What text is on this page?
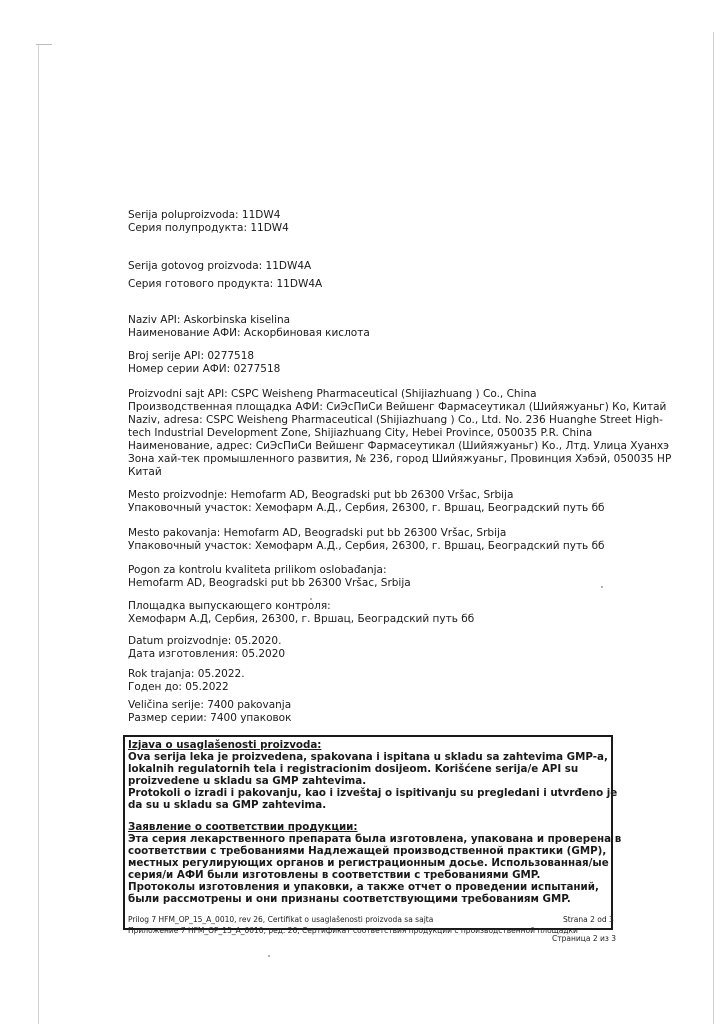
Serija poluproizvoda: 11DW4
Серия полупродукта: 11DW4
Serija gotovog proizvoda: 11DW4A
Серия готового продукта: 11DW4A
Naziv API: Askorbinska kiselina
Наименование АФИ: Аскорбиновая кислота
Broj serije API: 0277518
Номер серии АФИ: 0277518
Proizvodni sajt API: CSPC Weisheng Pharmaceutical (Shijiazhuang ) Co., China
Производственная площадка АФИ: СиЭсПиСи Вейшенг Фармасеутикал (Шийяжуаньг) Ко, Китай
Naziv, adresa: CSPC Weisheng Pharmaceutical (Shijiazhuang ) Co., Ltd. No. 236 Huanghe Street High-
tech Industrial Development Zone, Shijiazhuang City, Hebei Province, 050035 P.R. China
Наименование, адрес: СиЭсПиСи Вейшенг Фармасеутикал (Шийяжуаньг) Ко., Лтд. Улица Хуанхэ
Зона хай-тек промышленного развития, № 236, город Шийяжуаньг, Провинция Хэбэй, 050035 НР
Китай
Mesto proizvodnje: Hemofarm AD, Beogradski put bb 26300 Vršac, Srbija
Упаковочный участок: Хемофарм А.Д., Сербия, 26300, г. Вршац, Београдский путь бб
Mesto pakovanja: Hemofarm AD, Beogradski put bb 26300 Vršac, Srbija
Упаковочный участок: Хемофарм А.Д., Сербия, 26300, г. Вршац, Београдский путь бб
Pogon za kontrolu kvaliteta prilikom oslobađanja:
Hemofarm AD, Beogradski put bb 26300 Vršac, Srbija
Площадка выпускающего контроля:
Хемофарм А.Д, Сербия, 26300, г. Вршац, Београдский путь бб
Datum proizvodnje: 05.2020.
Дата изготовления: 05.2020
Rok trajanja: 05.2022.
Годен до: 05.2022
Veličina serije: 7400 pakovanja
Размер серии: 7400 упаковок
Izjava o usaglašenosti proizvoda:
Ova serija leka je proizvedena, spakovana i ispitana u skladu sa zahtevima GMP-a,
lokalnih regulatornih tela i registracionim dosijeom. Korišćene serija/e API su
proizvedene u skladu sa GMP zahtevima.
Protokoli o izradi i pakovanju, kao i izveštaj o ispitivanju su pregledani i utvrđeno je
da su u skladu sa GMP zahtevima.
Заявление о соответствии продукции:
Эта серия лекарственного препарата была изготовлена, упакована и проверена в
соответствии с требованиями Надлежащей производственной практики (GMP),
местных регулирующих органов и регистрационным досье. Использованная/ые
серия/и АФИ были изготовлены в соответствии с требованиями GMP.
Протоколы изготовления и упаковки, а также отчет о проведении испытаний,
были рассмотрены и они признаны соответствующими требованиям GMP.
Prilog 7 HFM_OP_15_A_0010, rev 26, Certifikat o usaglašenosti proizvoda sa sajta
Приложение 7 HFM_OP_15_A_0010, ред. 26, Сертификат соответствия продукции с производственной площадки
Strana 2 od 3
Страница 2 из 3
